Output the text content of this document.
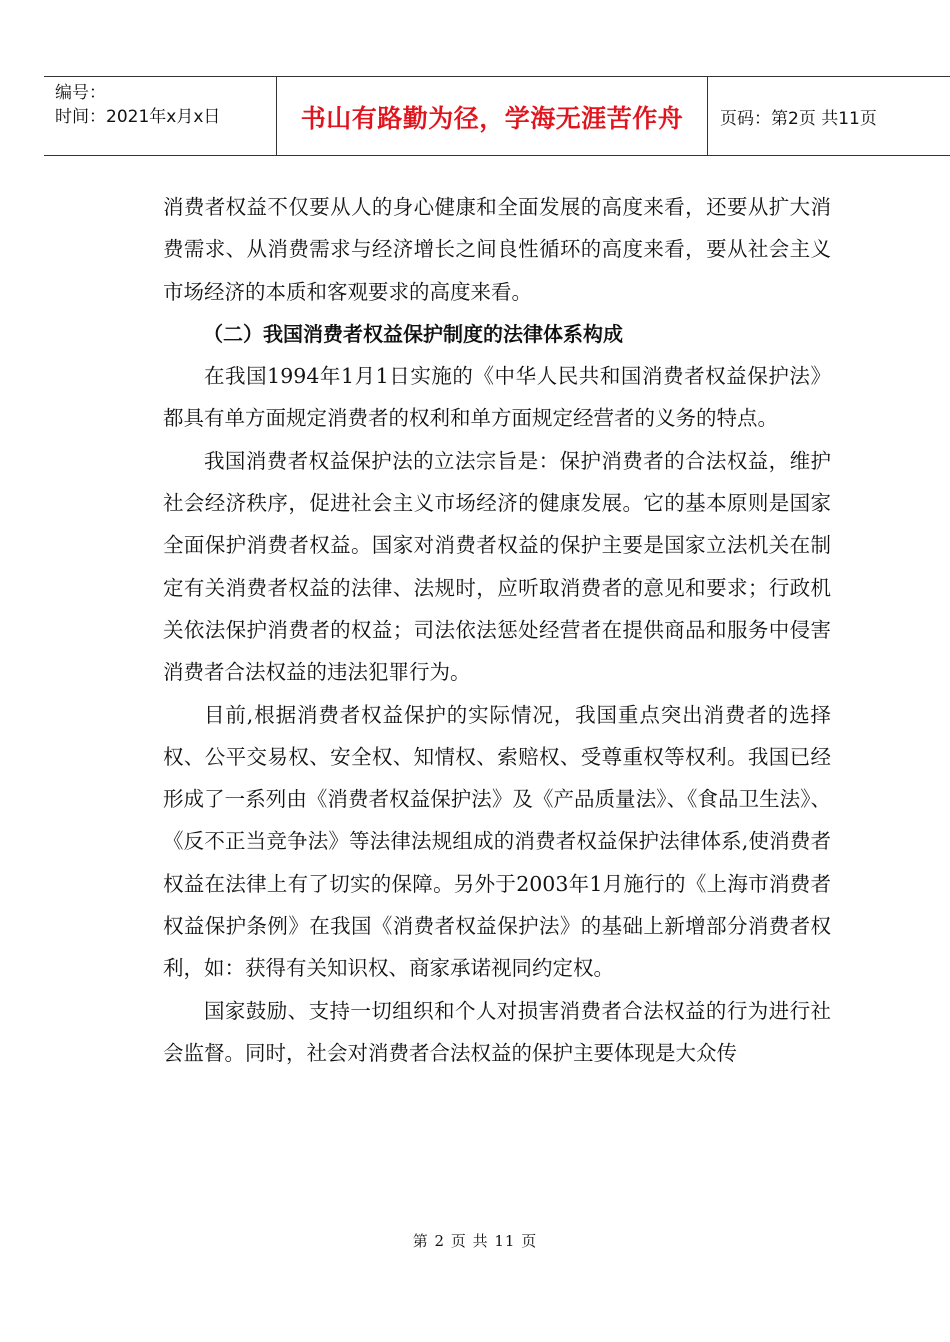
编号：
时间：2021年x月x日	书山有路勤为径，学海无涯苦作舟	页码：第2页 共11页

消费者权益不仅要从人的身心健康和全面发展的高度来看，还要从扩大消费需求、从消费需求与经济增长之间良性循环的高度来看，要从社会主义市场经济的本质和客观要求的高度来看。

（二）我国消费者权益保护制度的法律体系构成

在我国1994年1月1日实施的《中华人民共和国消费者权益保护法》都具有单方面规定消费者的权利和单方面规定经营者的义务的特点。

我国消费者权益保护法的立法宗旨是：保护消费者的合法权益，维护社会经济秩序，促进社会主义市场经济的健康发展。它的基本原则是国家全面保护消费者权益。国家对消费者权益的保护主要是国家立法机关在制定有关消费者权益的法律、法规时，应听取消费者的意见和要求；行政机关依法保护消费者的权益；司法依法惩处经营者在提供商品和服务中侵害消费者合法权益的违法犯罪行为。

目前,根据消费者权益保护的实际情况，我国重点突出消费者的选择权、公平交易权、安全权、知情权、索赔权、受尊重权等权利。我国已经形成了一系列由《消费者权益保护法》及《产品质量法》、《食品卫生法》、《反不正当竞争法》等法律法规组成的消费者权益保护法律体系,使消费者权益在法律上有了切实的保障。另外于2003年1月施行的《上海市消费者权益保护条例》在我国《消费者权益保护法》的基础上新增部分消费者权利，如：获得有关知识权、商家承诺视同约定权。

国家鼓励、支持一切组织和个人对损害消费者合法权益的行为进行社会监督。同时，社会对消费者合法权益的保护主要体现是大众传

第 2 页 共 11 页
